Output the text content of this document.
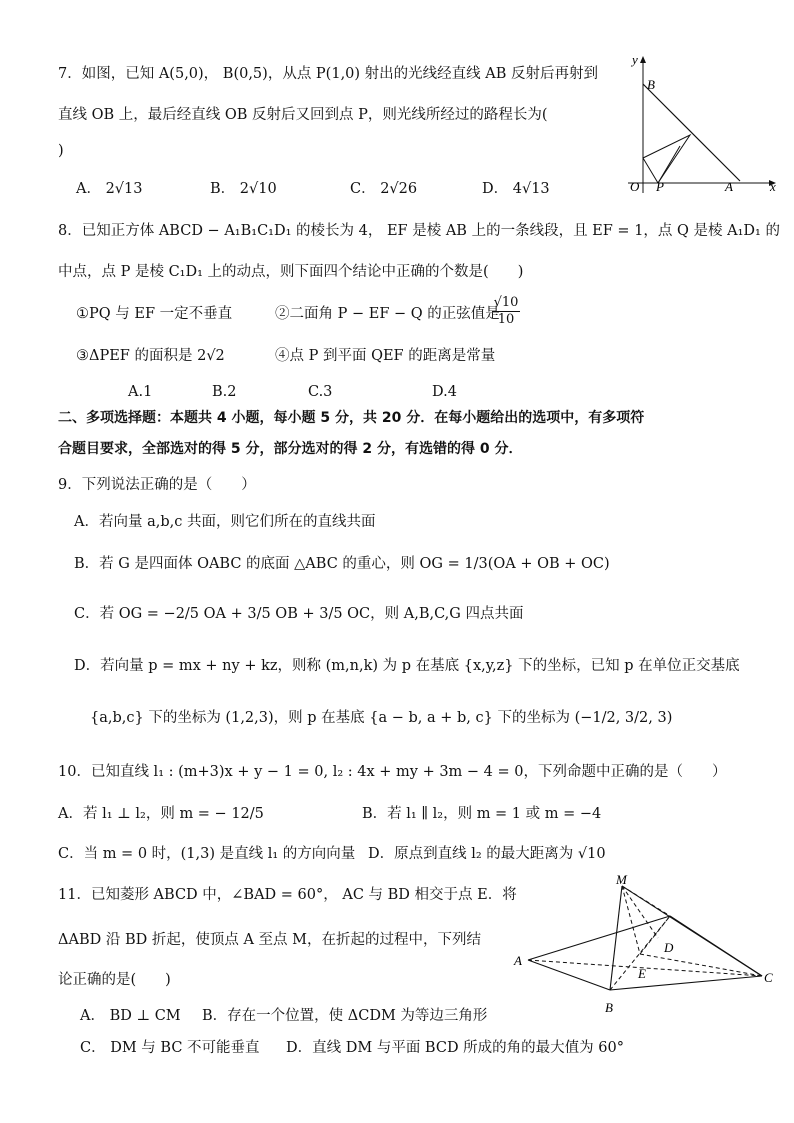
7．如图，已知 A(5,0)， B(0,5)，从点 P(1,0) 射出的光线经直线 AB 反射后再射到
直线 OB 上，最后经直线 OB 反射后又回到点 P，则光线所经过的路程长为(
)
A． 2√13	B． 2√10	C． 2√26	D． 4√13
y
B
O P	A	x
8．已知正方体 ABCD − A₁B₁C₁D₁ 的棱长为 4， EF 是棱 AB 上的一条线段，且 EF = 1，点 Q 是棱 A₁D₁ 的
中点，点 P 是棱 C₁D₁ 上的动点，则下面四个结论中正确的个数是(　　)
①PQ 与 EF 一定不垂直	②二面角 P − EF − Q 的正弦值是
$\frac{√10}{10}$
③ΔPEF 的面积是 2√2	④点 P 到平面 QEF 的距离是常量
A.1	B.2	C.3	D.4
二、多项选择题：本题共 4 小题，每小题 5 分，共 20 分．在每小题给出的选项中，有多项符
合题目要求，全部选对的得 5 分，部分选对的得 2 分，有选错的得 0 分．
9．下列说法正确的是（　　）
A．若向量 a,b,c 共面，则它们所在的直线共面
B．若 G 是四面体 OABC 的底面 △ABC 的重心，则 OG = 1/3(OA + OB + OC)
C．若 OG = −2/5 OA + 3/5 OB + 3/5 OC，则 A,B,C,G 四点共面
D．若向量 p = mx + ny + kz，则称 (m,n,k) 为 p 在基底 {x,y,z} 下的坐标，已知 p 在单位正交基底
{a,b,c} 下的坐标为 (1,2,3)，则 p 在基底 {a − b, a + b, c} 下的坐标为 (−1/2, 3/2, 3)
10．已知直线 l₁ : (m+3)x + y − 1 = 0, l₂ : 4x + my + 3m − 4 = 0，下列命题中正确的是（　　）
A．若 l₁ ⊥ l₂，则 m = − 12/5	B．若 l₁ ∥ l₂，则 m = 1 或 m = −4
C．当 m = 0 时，(1,3) 是直线 l₁ 的方向向量 D．原点到直线 l₂ 的最大距离为 √10
11．已知菱形 ABCD 中，∠BAD = 60°， AC 与 BD 相交于点 E．将
ΔABD 沿 BD 折起，使顶点 A 至点 M，在折起的过程中，下列结
论正确的是(　　)
A． BD ⊥ CM B．存在一个位置，使 ΔCDM 为等边三角形
C． DM 与 BC 不可能垂直 D．直线 DM 与平面 BCD 所成的角的最大值为 60°
M
A
B
C
D
E
